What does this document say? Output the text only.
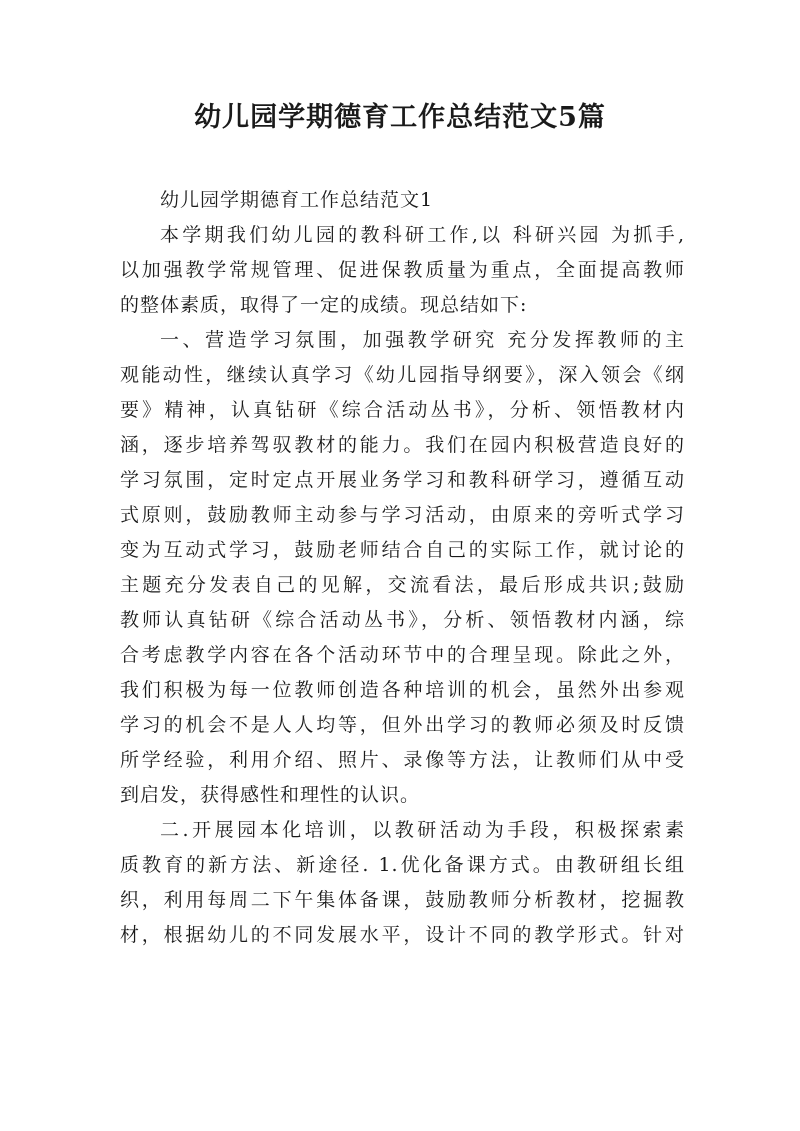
幼儿园学期德育工作总结范文5篇
幼儿园学期德育工作总结范文1
本学期我们幼儿园的教科研工作,以 科研兴园 为抓手,
以加强教学常规管理、促进保教质量为重点，全面提高教师
的整体素质，取得了一定的成绩。现总结如下:
一、营造学习氛围，加强教学研究 充分发挥教师的主
观能动性，继续认真学习《幼儿园指导纲要》，深入领会《纲
要》精神，认真钻研《综合活动丛书》，分析、领悟教材内
涵，逐步培养驾驭教材的能力。我们在园内积极营造良好的
学习氛围，定时定点开展业务学习和教科研学习，遵循互动
式原则，鼓励教师主动参与学习活动，由原来的旁听式学习
变为互动式学习，鼓励老师结合自己的实际工作，就讨论的
主题充分发表自己的见解，交流看法，最后形成共识;鼓励
教师认真钻研《综合活动丛书》，分析、领悟教材内涵，综
合考虑教学内容在各个活动环节中的合理呈现。除此之外，
我们积极为每一位教师创造各种培训的机会，虽然外出参观
学习的机会不是人人均等，但外出学习的教师必须及时反馈
所学经验，利用介绍、照片、录像等方法，让教师们从中受
到启发，获得感性和理性的认识。
二.开展园本化培训，以教研活动为手段，积极探索素
质教育的新方法、新途径. 1.优化备课方式。由教研组长组
织，利用每周二下午集体备课，鼓励教师分析教材，挖掘教
材，根据幼儿的不同发展水平，设计不同的教学形式。针对
